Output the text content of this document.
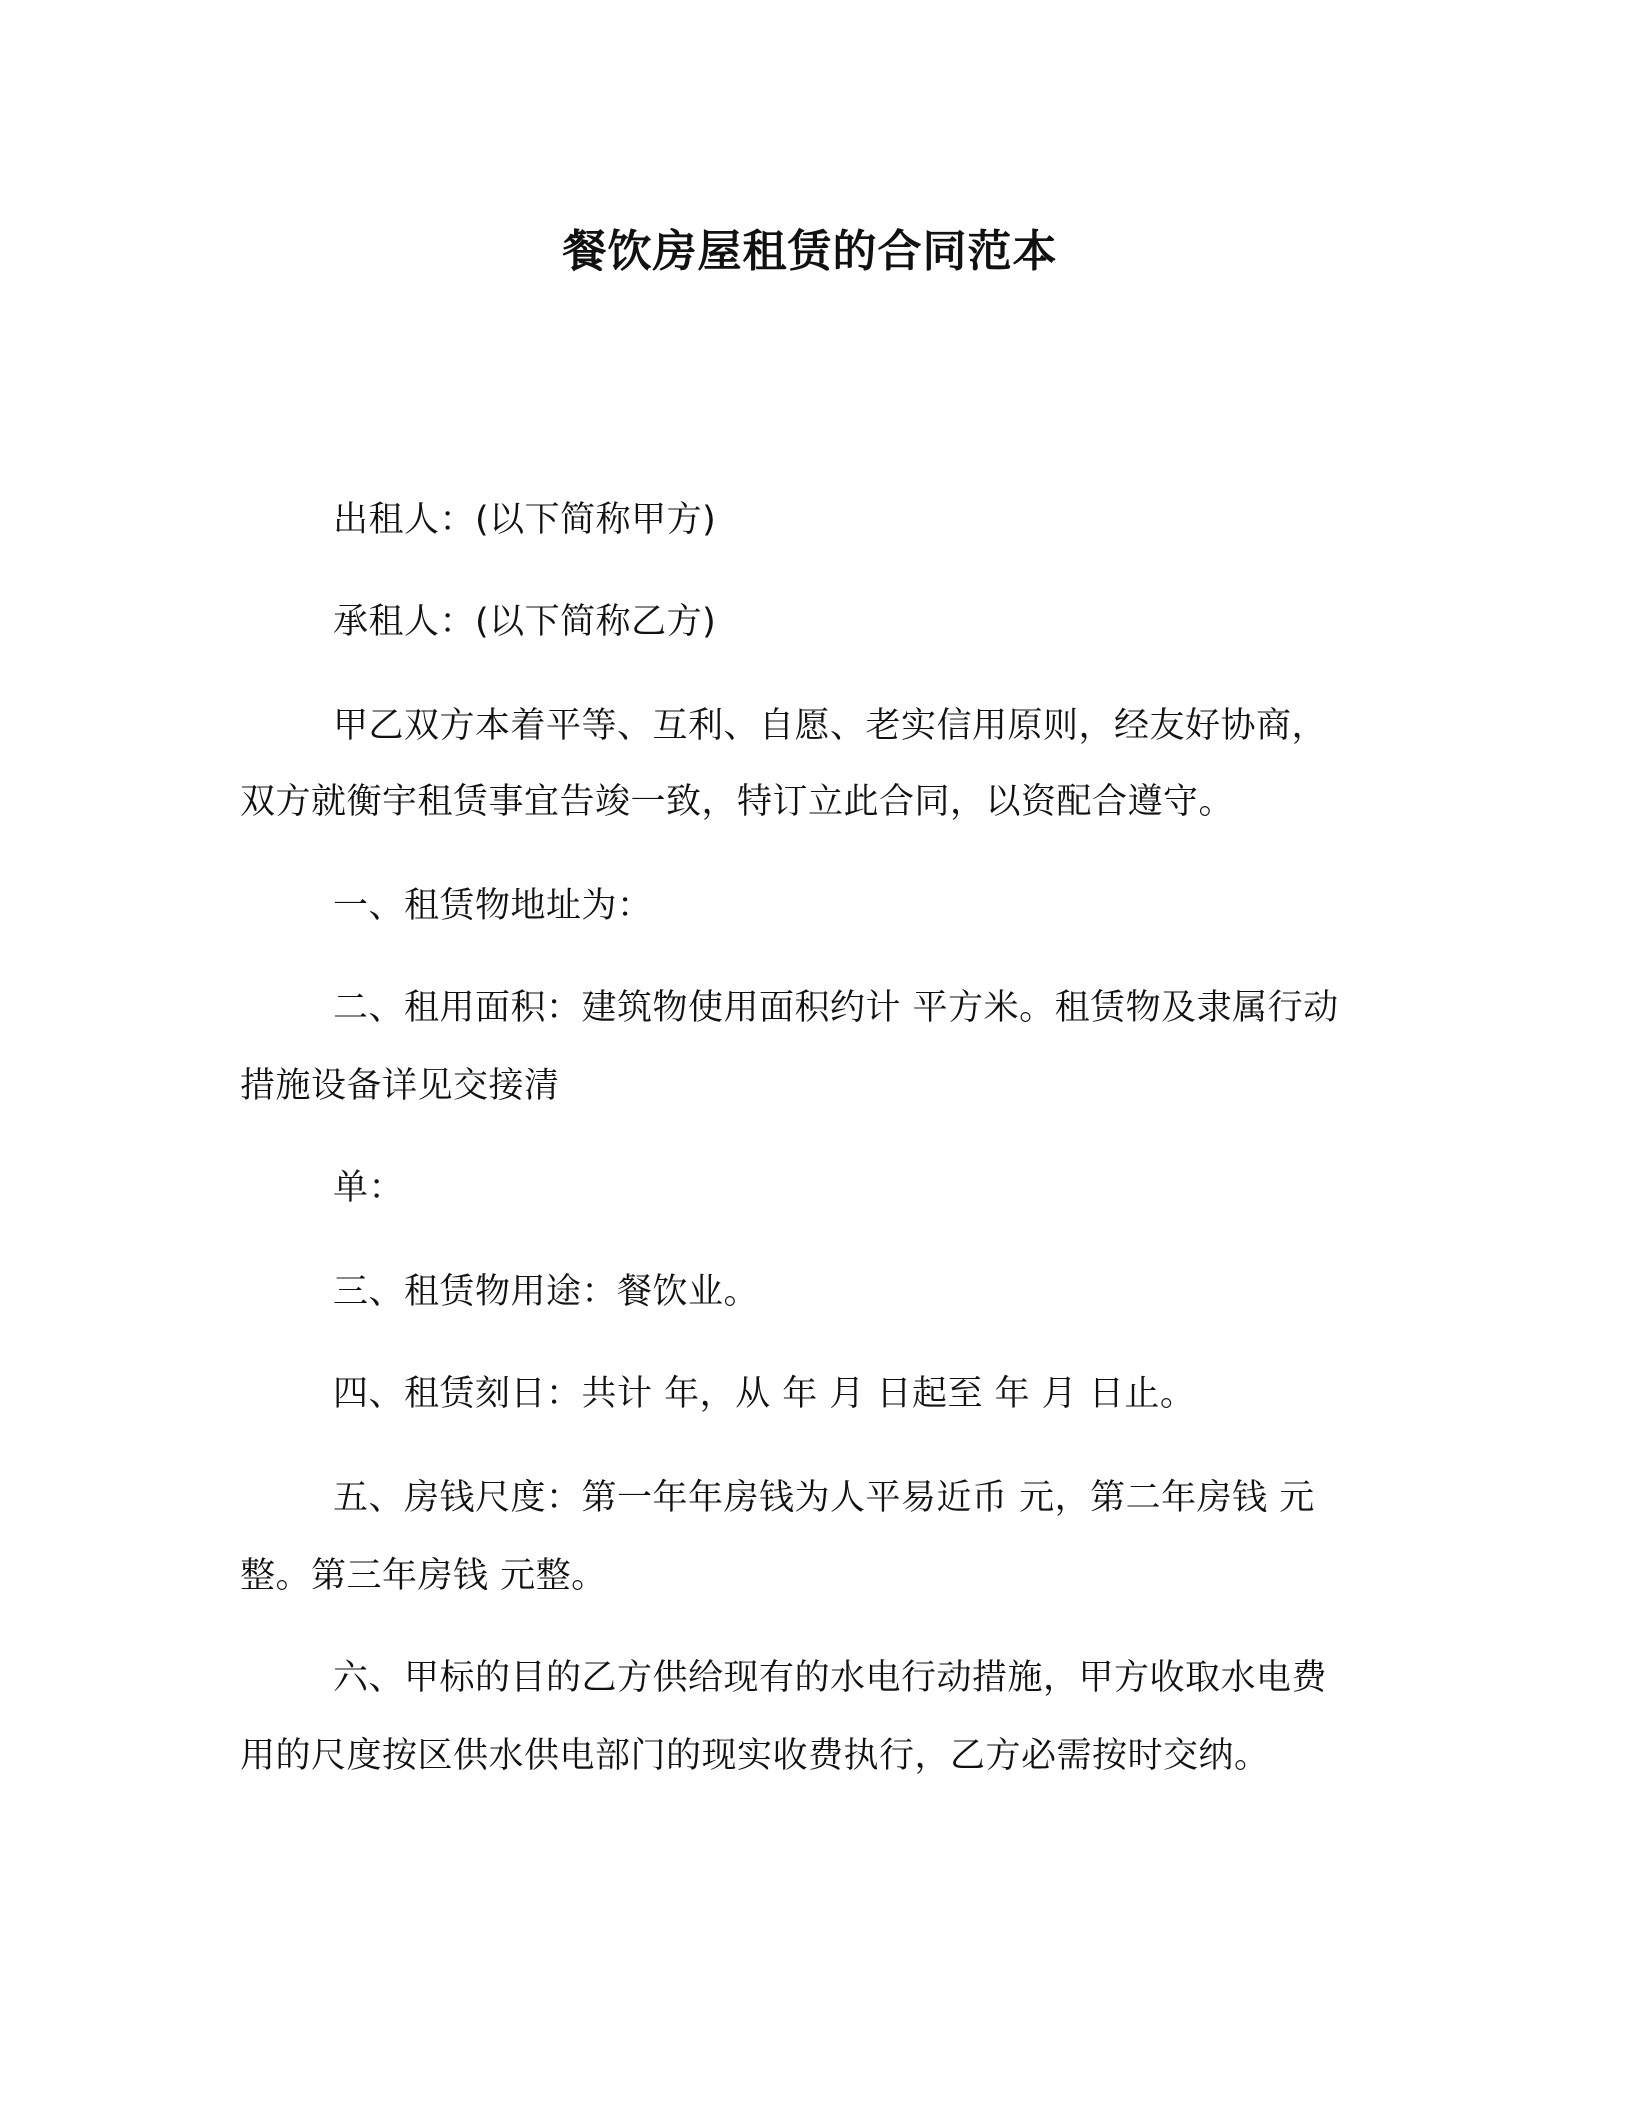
餐饮房屋租赁的合同范本
出租人：(以下简称甲方)
承租人：(以下简称乙方)
甲乙双方本着平等、互利、自愿、老实信用原则，经友好协商，
双方就衡宇租赁事宜告竣一致，特订立此合同，以资配合遵守。
一、租赁物地址为：
二、租用面积：建筑物使用面积约计 平方米。租赁物及隶属行动
措施设备详见交接清
单：
三、租赁物用途：餐饮业。
四、租赁刻日：共计 年，从 年 月 日起至 年 月 日止。
五、房钱尺度：第一年年房钱为人平易近币 元，第二年房钱 元
整。第三年房钱 元整。
六、甲标的目的乙方供给现有的水电行动措施，甲方收取水电费
用的尺度按区供水供电部门的现实收费执行，乙方必需按时交纳。
